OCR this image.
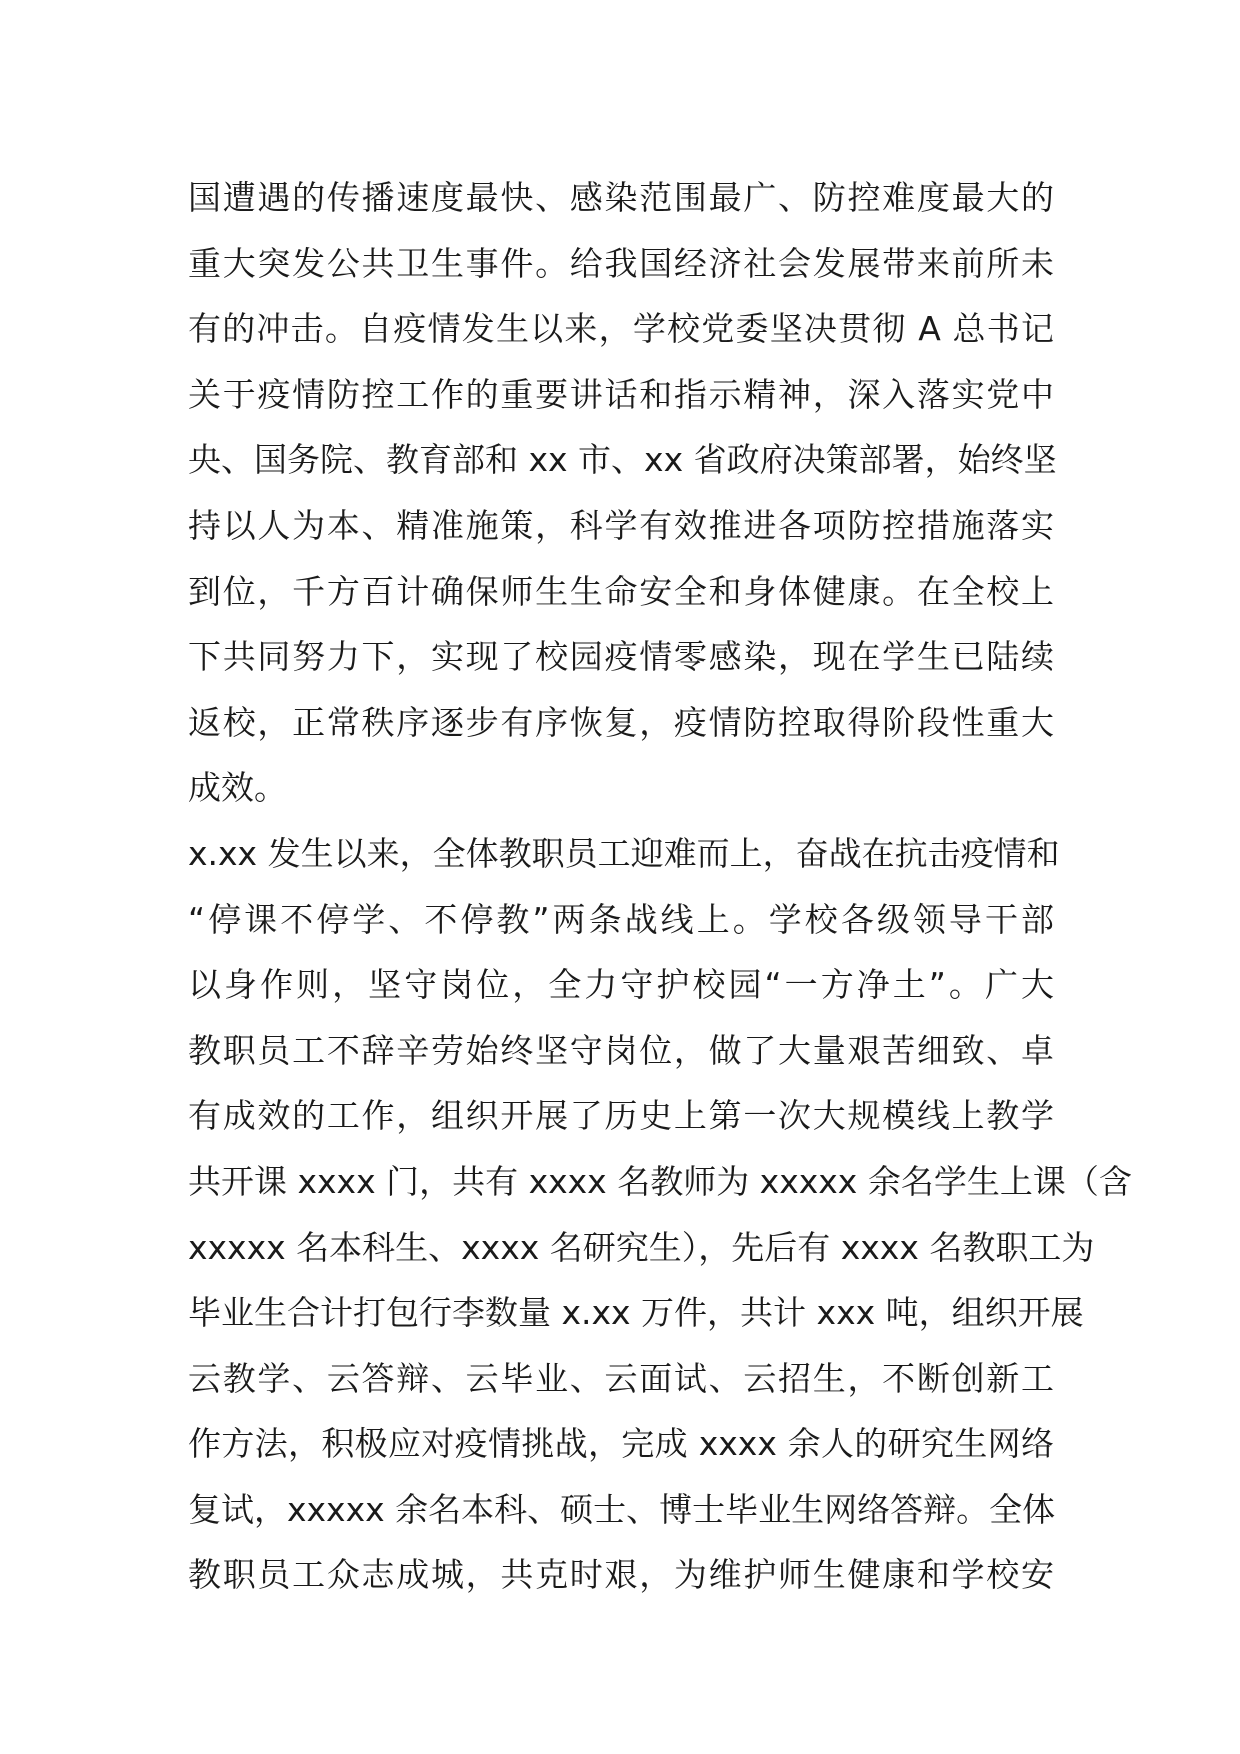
国遭遇的传播速度最快、感染范围最广、防控难度最大的
重大突发公共卫生事件。给我国经济社会发展带来前所未
有的冲击。自疫情发生以来，学校党委坚决贯彻 A 总书记
关于疫情防控工作的重要讲话和指示精神，深入落实党中
央、国务院、教育部和 xx 市、xx 省政府决策部署，始终坚
持以人为本、精准施策，科学有效推进各项防控措施落实
到位，千方百计确保师生生命安全和身体健康。在全校上
下共同努力下，实现了校园疫情零感染，现在学生已陆续
返校，正常秩序逐步有序恢复，疫情防控取得阶段性重大
成效。
x.xx 发生以来，全体教职员工迎难而上，奋战在抗击疫情和
“停课不停学、不停教”两条战线上。学校各级领导干部
以身作则，坚守岗位，全力守护校园“一方净土”。广大
教职员工不辞辛劳始终坚守岗位，做了大量艰苦细致、卓
有成效的工作，组织开展了历史上第一次大规模线上教学
共开课 xxxx 门，共有 xxxx 名教师为 xxxxx 余名学生上课（含
xxxxx 名本科生、xxxx 名研究生），先后有 xxxx 名教职工为
毕业生合计打包行李数量 x.xx 万件，共计 xxx 吨，组织开展
云教学、云答辩、云毕业、云面试、云招生，不断创新工
作方法，积极应对疫情挑战，完成 xxxx 余人的研究生网络
复试，xxxxx 余名本科、硕士、博士毕业生网络答辩。全体
教职员工众志成城，共克时艰，为维护师生健康和学校安
